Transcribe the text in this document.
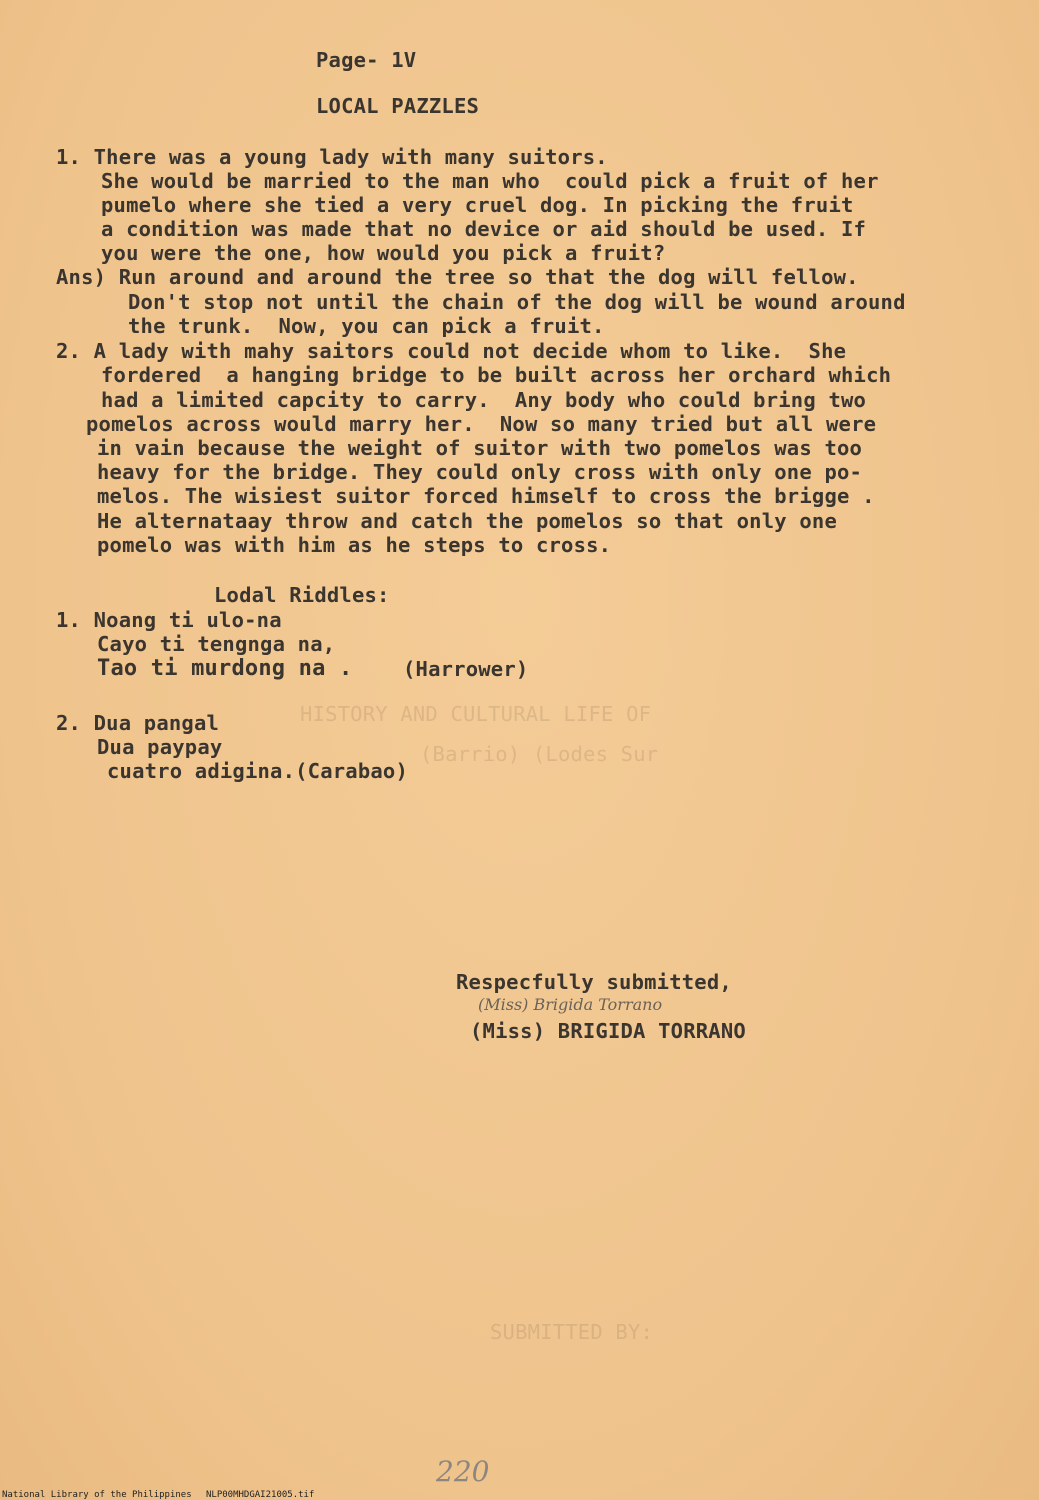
HISTORY AND CULTURAL LIFE OF
(Barrio) (Lodes Sur
SUBMITTED BY:
Page- 1V
LOCAL PAZZLES
1. There was a young lady with many suitors.
She would be married to the man who  could pick a fruit of her
pumelo where she tied a very cruel dog. In picking the fruit
a condition was made that no device or aid should be used. If
you were the one, how would you pick a fruit?
Ans) Run around and around the tree so that the dog will fellow.
Don't stop not until the chain of the dog will be wound around
the trunk.  Now, you can pick a fruit.
2. A lady with mahy saitors could not decide whom to like.  She
fordered  a hanging bridge to be built across her orchard which
had a limited capcity to carry.  Any body who could bring two
pomelos across would marry her.  Now so many tried but all were
in vain because the weight of suitor with two pomelos was too
heavy for the bridge. They could only cross with only one po-
melos. The wisiest suitor forced himself to cross the brigge .
He alternataay throw and catch the pomelos so that only one
pomelo was with him as he steps to cross.
Lodal Riddles:
1. Noang ti ulo-na
Cayo ti tengnga na,
Tao ti murdong na . (Harrower)
2. Dua pangal
Dua paypay
cuatro adigina.(Carabao)
Respecfully submitted,
(Miss) Brigida Torrano
(Miss) BRIGIDA TORRANO
220
National Library of the Philippines NLP00MHDGAI21005.tif
